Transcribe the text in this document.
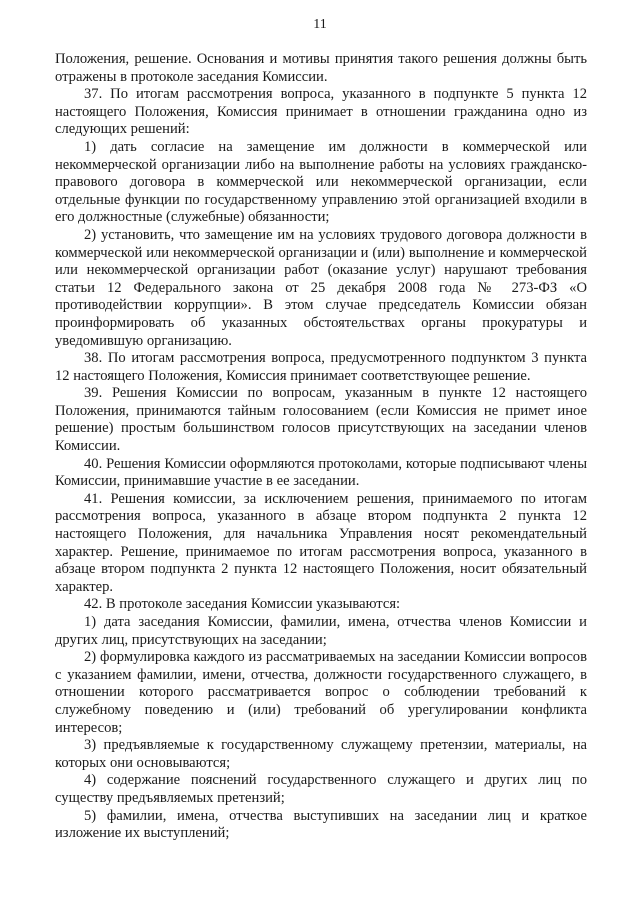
11

Положения, решение. Основания и мотивы принятия такого решения должны быть отражены в протоколе заседания Комиссии.

37. По итогам рассмотрения вопроса, указанного в подпункте 5 пункта 12 настоящего Положения, Комиссия принимает в отношении гражданина одно из следующих решений:

1) дать согласие на замещение им должности в коммерческой или некоммерческой организации либо на выполнение работы на условиях гражданско-правового договора в коммерческой или некоммерческой организации, если отдельные функции по государственному управлению этой организацией входили в его должностные (служебные) обязанности;

2) установить, что замещение им на условиях трудового договора должности в коммерческой или некоммерческой организации и (или) выполнение и коммерческой или некоммерческой организации работ (оказание услуг) нарушают требования статьи 12 Федерального закона от 25 декабря 2008 года № 273-ФЗ «О противодействии коррупции». В этом случае председатель Комиссии обязан проинформировать об указанных обстоятельствах органы прокуратуры и уведомившую организацию.

38. По итогам рассмотрения вопроса, предусмотренного подпунктом 3 пункта 12 настоящего Положения, Комиссия принимает соответствующее решение.

39. Решения Комиссии по вопросам, указанным в пункте 12 настоящего Положения, принимаются тайным голосованием (если Комиссия не примет иное решение) простым большинством голосов присутствующих на заседании членов Комиссии.

40. Решения Комиссии оформляются протоколами, которые подписывают члены Комиссии, принимавшие участие в ее заседании.

41. Решения комиссии, за исключением решения, принимаемого по итогам рассмотрения вопроса, указанного в абзаце втором подпункта 2 пункта 12 настоящего Положения, для начальника Управления носят рекомендательный характер. Решение, принимаемое по итогам рассмотрения вопроса, указанного в абзаце втором подпункта 2 пункта 12 настоящего Положения, носит обязательный характер.

42. В протоколе заседания Комиссии указываются:

1) дата заседания Комиссии, фамилии, имена, отчества членов Комиссии и других лиц, присутствующих на заседании;

2) формулировка каждого из рассматриваемых на заседании Комиссии вопросов с указанием фамилии, имени, отчества, должности государственного служащего, в отношении которого рассматривается вопрос о соблюдении требований к служебному поведению и (или) требований об урегулировании конфликта интересов;

3) предъявляемые к государственному служащему претензии, материалы, на которых они основываются;

4) содержание пояснений государственного служащего и других лиц по существу предъявляемых претензий;

5) фамилии, имена, отчества выступивших на заседании лиц и краткое изложение их выступлений;
